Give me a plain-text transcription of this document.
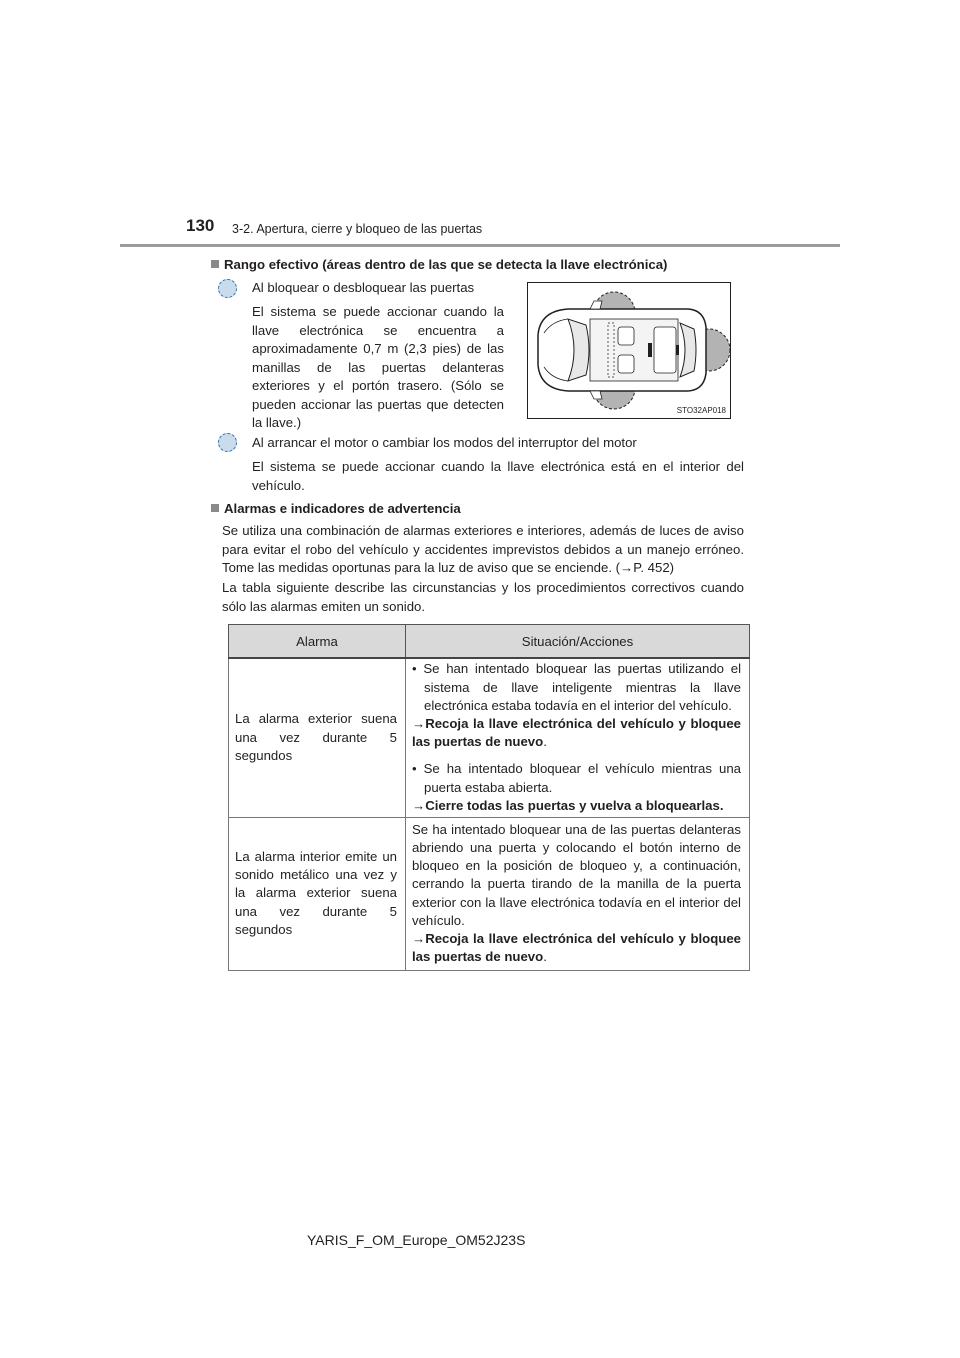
130 3-2. Apertura, cierre y bloqueo de las puertas
Rango efectivo (áreas dentro de las que se detecta la llave electrónica)
Al bloquear o desbloquear las puertas
El sistema se puede accionar cuando la llave electrónica se encuentra a aproximadamente 0,7 m (2,3 pies) de las manillas de las puertas delanteras exteriores y el portón trasero. (Sólo se pueden accionar las puertas que detecten la llave.)
STO32AP018
Al arrancar el motor o cambiar los modos del interruptor del motor
El sistema se puede accionar cuando la llave electrónica está en el interior del vehículo.
Alarmas e indicadores de advertencia
Se utiliza una combinación de alarmas exteriores e interiores, además de luces de aviso para evitar el robo del vehículo y accidentes imprevistos debidos a un manejo erróneo. Tome las medidas oportunas para la luz de aviso que se enciende. (→P. 452)
La tabla siguiente describe las circunstancias y los procedimientos correctivos cuando sólo las alarmas emiten un sonido.
Alarma	Situación/Acciones
La alarma exterior suena una vez durante 5 segundos	• Se han intentado bloquear las puertas utilizando el sistema de llave inteligente mientras la llave electrónica estaba todavía en el interior del vehículo.
→Recoja la llave electrónica del vehículo y bloquee las puertas de nuevo.
• Se ha intentado bloquear el vehículo mientras una puerta estaba abierta.
→Cierre todas las puertas y vuelva a bloquearlas.

La alarma interior emite un sonido metálico una vez y la alarma exterior suena una vez durante 5 segundos	Se ha intentado bloquear una de las puertas delanteras abriendo una puerta y colocando el botón interno de bloqueo en la posición de bloqueo y, a continuación, cerrando la puerta tirando de la manilla de la puerta exterior con la llave electrónica todavía en el interior del vehículo.
→Recoja la llave electrónica del vehículo y bloquee las puertas de nuevo.
YARIS_F_OM_Europe_OM52J23S
